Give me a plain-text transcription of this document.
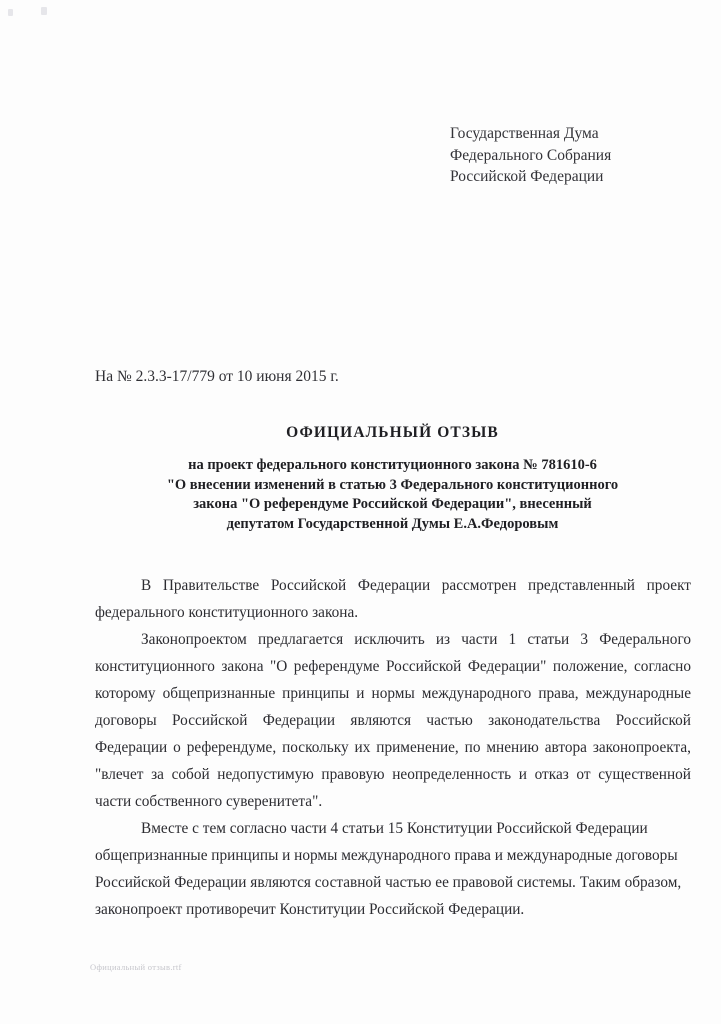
Государственная Дума
Федерального Собрания
Российской Федерации
На № 2.3.3-17/779 от 10 июня 2015 г.
ОФИЦИАЛЬНЫЙ ОТЗЫВ
на проект федерального конституционного закона № 781610-6
"О внесении изменений в статью 3 Федерального конституционного
закона "О референдуме Российской Федерации", внесенный
депутатом Государственной Думы Е.А.Федоровым

В Правительстве Российской Федерации рассмотрен представленный проект федерального конституционного закона.

Законопроектом предлагается исключить из части 1 статьи 3 Федерального конституционного закона "О референдуме Российской Федерации" положение, согласно которому общепризнанные принципы и нормы международного права, международные договоры Российской Федерации являются частью законодательства Российской Федерации о референдуме, поскольку их применение, по мнению автора законопроекта, "влечет за собой недопустимую правовую неопределенность и отказ от существенной части собственного суверенитета".

Вместе с тем согласно части 4 статьи 15 Конституции Российской Федерации общепризнанные принципы и нормы международного права и международные договоры Российской Федерации являются составной частью ее правовой системы. Таким образом, законопроект противоречит Конституции Российской Федерации.

Официальный отзыв.rtf
